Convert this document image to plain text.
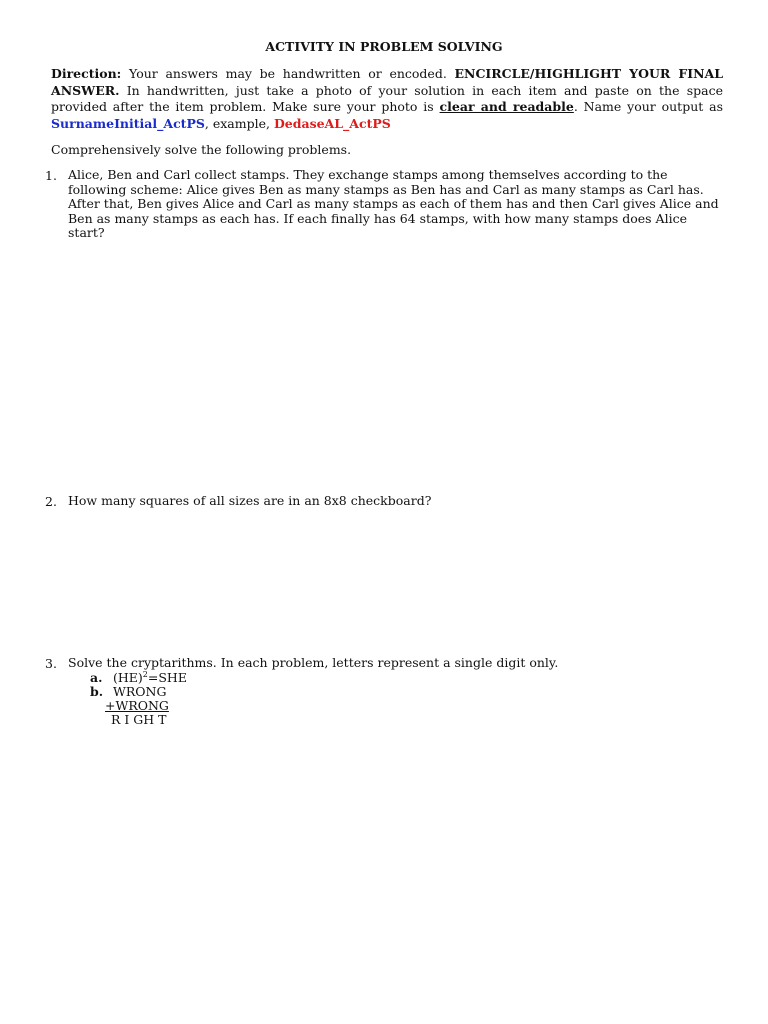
ACTIVITY IN PROBLEM SOLVING
Direction: Your answers may be handwritten or encoded. ENCIRCLE/HIGHLIGHT YOUR FINAL ANSWER. In handwritten, just take a photo of your solution in each item and paste on the space provided after the item problem. Make sure your photo is clear and readable. Name your output as SurnameInitial_ActPS, example, DedaseAL_ActPS
Comprehensively solve the following problems.
1. Alice, Ben and Carl collect stamps. They exchange stamps among themselves according to the following scheme: Alice gives Ben as many stamps as Ben has and Carl as many stamps as Carl has. After that, Ben gives Alice and Carl as many stamps as each of them has and then Carl gives Alice and Ben as many stamps as each has. If each finally has 64 stamps, with how many stamps does Alice start?
2. How many squares of all sizes are in an 8x8 checkboard?
3. Solve the cryptarithms. In each problem, letters represent a single digit only.
a. (HE)$^2$=SHE
b. WRONG
+WRONG
R I GH T
